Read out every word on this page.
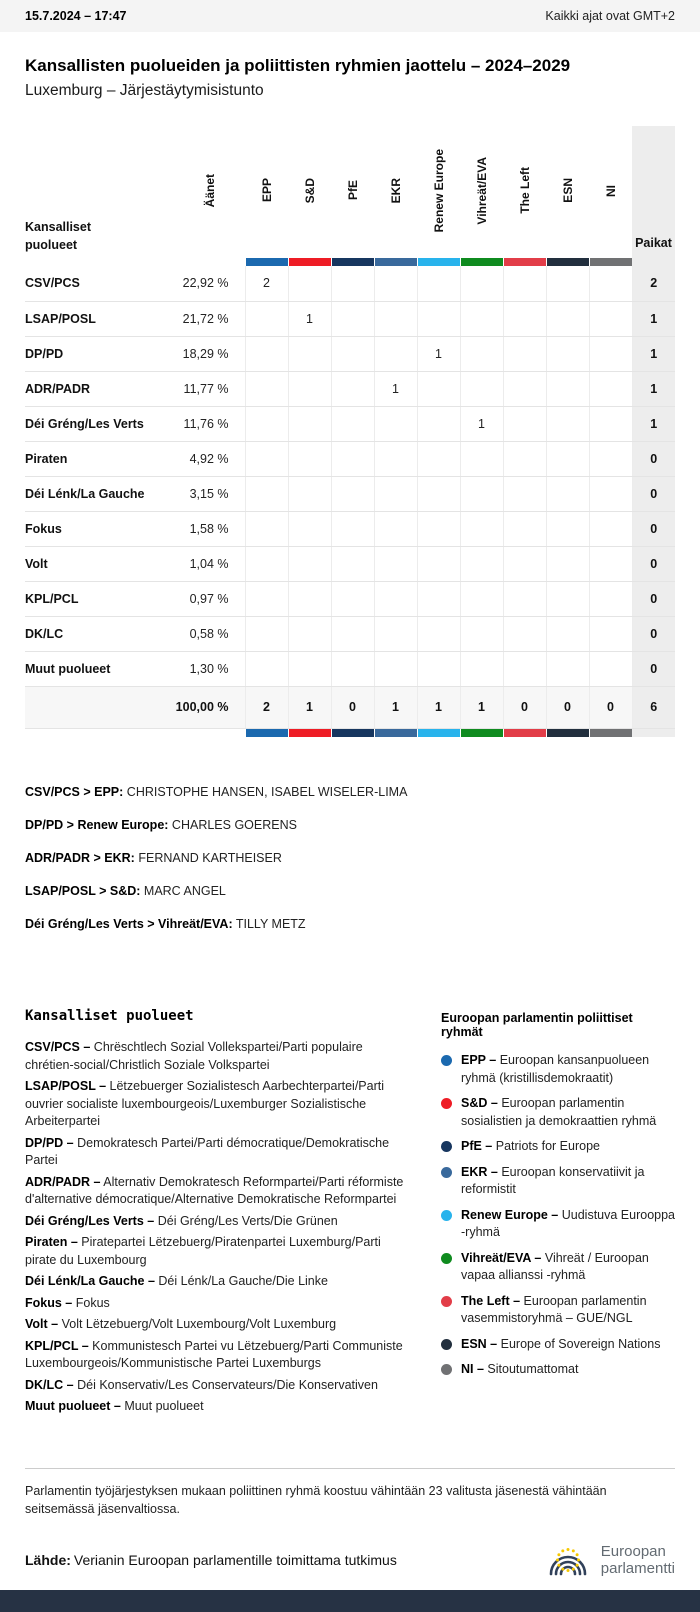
15.7.2024 – 17:47	Kaikki ajat ovat GMT+2
Kansallisten puolueiden ja poliittisten ryhmien jaottelu – 2024–2029

Luxemburg – Järjestäytymisistunto

Kansalliset puolueet	Äänet	EPP	S&D	PfE	EKR	Renew Europe	Vihreät/EVA	The Left	ESN	NI	Paikat

CSV/PCS	22,92 %	2									2
LSAP/POSL	21,72 %		1								1
DP/PD	18,29 %					1					1
ADR/PADR	11,77 %				1						1
Déi Gréng/Les Verts	11,76 %						1				1
Piraten	4,92 %										0
Déi Lénk/La Gauche	3,15 %										0
Fokus	1,58 %										0
Volt	1,04 %										0
KPL/PCL	0,97 %										0
DK/LC	0,58 %										0
Muut puolueet	1,30 %										0
	100,00 %	2	1	0	1	1	1	0	0	0	6

CSV/PCS > EPP: CHRISTOPHE HANSEN, ISABEL WISELER-LIMA

DP/PD > Renew Europe: CHARLES GOERENS

ADR/PADR > EKR: FERNAND KARTHEISER

LSAP/POSL > S&D: MARC ANGEL

Déi Gréng/Les Verts > Vihreät/EVA: TILLY METZ

Kansalliset puolueet

CSV/PCS – Chrëschtlech Sozial Vollekspartei/Parti populaire chrétien-social/Christlich Soziale Volkspartei

LSAP/POSL – Lëtzebuerger Sozialistesch Aarbechterpartei/Parti ouvrier socialiste luxembourgeois/Luxemburger Sozialistische Arbeiterpartei

DP/PD – Demokratesch Partei/Parti démocratique/Demokratische Partei

ADR/PADR – Alternativ Demokratesch Reformpartei/Parti réformiste d'alternative démocratique/Alternative Demokratische Reformpartei

Déi Gréng/Les Verts – Déi Gréng/Les Verts/Die Grünen

Piraten – Piratepartei Lëtzebuerg/Piratenpartei Luxemburg/Parti pirate du Luxembourg

Déi Lénk/La Gauche – Déi Lénk/La Gauche/Die Linke

Fokus – Fokus

Volt – Volt Lëtzebuerg/Volt Luxembourg/Volt Luxemburg

KPL/PCL – Kommunistesch Partei vu Lëtzebuerg/Parti Communiste Luxembourgeois/Kommunistische Partei Luxemburgs

DK/LC – Déi Konservativ/Les Conservateurs/Die Konservativen

Muut puolueet – Muut puolueet

Euroopan parlamentin poliittiset ryhmät

EPP – Euroopan kansanpuolueen ryhmä (kristillisdemokraatit)

S&D – Euroopan parlamentin sosialistien ja demokraattien ryhmä

PfE – Patriots for Europe

EKR – Euroopan konservatiivit ja reformistit

Renew Europe – Uudistuva Eurooppa -ryhmä

Vihreät/EVA – Vihreät / Euroopan vapaa allianssi -ryhmä

The Left – Euroopan parlamentin vasemmistoryhmä – GUE/NGL

ESN – Europe of Sovereign Nations

NI – Sitoutumattomat

Parlamentin työjärjestyksen mukaan poliittinen ryhmä koostuu vähintään 23 valitusta jäsenestä vähintään seitsemässä jäsenvaltiossa.

Lähde: Verianin Euroopan parlamentille toimittama tutkimus

Euroopan
parlamentti
